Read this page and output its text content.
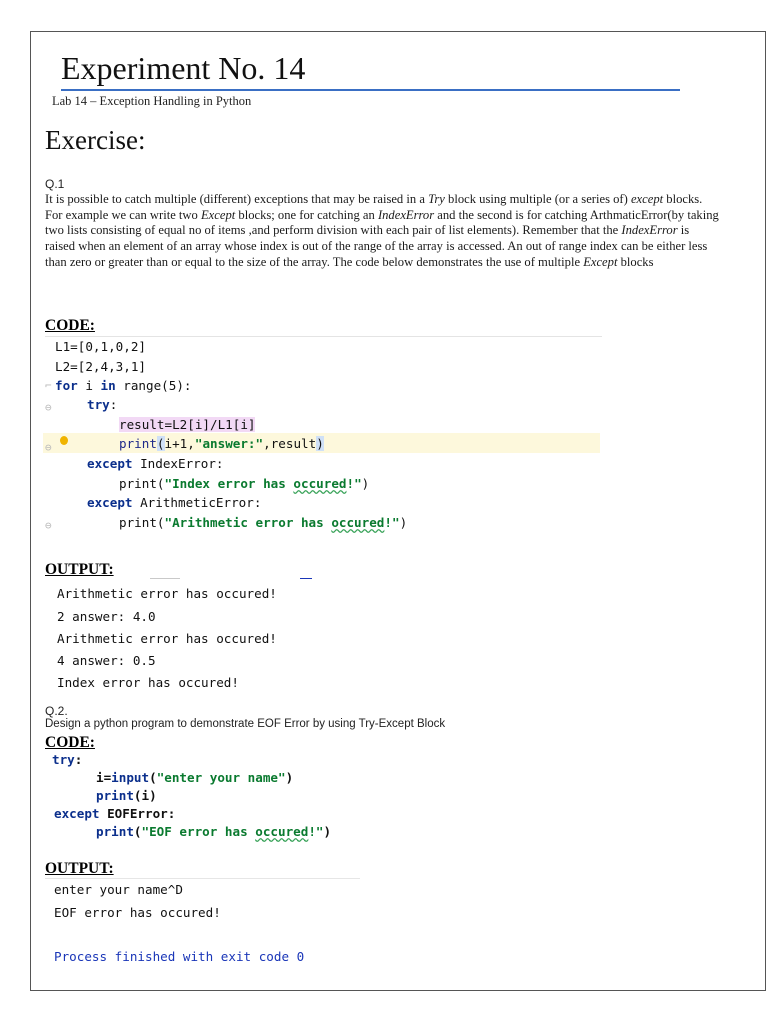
Experiment No. 14
Lab 14 – Exception Handling in Python
Exercise:
Q.1
It is possible to catch multiple (different) exceptions that may be raised in a Try block using multiple (or a series of) except blocks. For example we can write two Except blocks; one for catching an IndexError and the second is for catching ArthmaticError(by taking two lists consisting of equal no of items ,and perform division with each pair of list elements). Remember that the IndexError is raised when an element of an array whose index is out of the range of the array is accessed. An out of range index can be either less than zero or greater than or equal to the size of the array. The code below demonstrates the use of multiple Except blocks
CODE:
⌐
⊖
⊖
⊖
L1=[0,1,0,2]
L2=[2,4,3,1]
for i in range(5):
try:
result=L2[i]/L1[i]
print(i+1,"answer:",result)
except IndexError:
print("Index error has occured!")
except ArithmeticError:
print("Arithmetic error has occured!")
OUTPUT:
Arithmetic error has occured!
2 answer: 4.0
Arithmetic error has occured!
4 answer: 0.5
Index error has occured!
Q.2.
Design a python program to demonstrate EOF Error by using Try-Except Block
CODE:
try:
i=input("enter your name")
print(i)
except EOFError:
print("EOF error has occured!")
OUTPUT:
enter your name^D
EOF error has occured!
Process finished with exit code 0
